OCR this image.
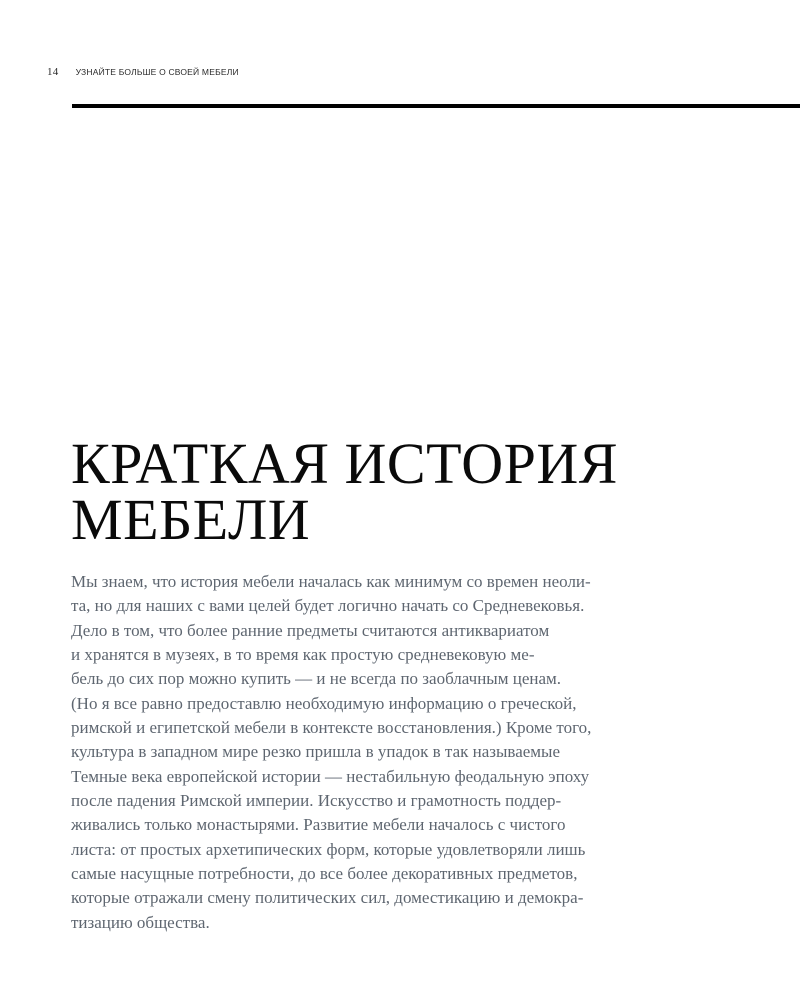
14 УЗНАЙТЕ БОЛЬШЕ О СВОЕЙ МЕБЕЛИ
КРАТКАЯ ИСТОРИЯ
МЕБЕЛИ

Мы знаем, что история мебели началась как минимум со времен неоли-
та, но для наших с вами целей будет логично начать со Средневековья.
Дело в том, что более ранние предметы считаются антиквариатом
и хранятся в музеях, в то время как простую средневековую ме-
бель до сих пор можно купить — и не всегда по заоблачным ценам.
(Но я все равно предоставлю необходимую информацию о греческой,
римской и египетской мебели в контексте восстановления.) Кроме того,
культура в западном мире резко пришла в упадок в так называемые
Темные века европейской истории — нестабильную феодальную эпоху
после падения Римской империи. Искусство и грамотность поддер-
живались только монастырями. Развитие мебели началось с чистого
листа: от простых архетипических форм, которые удовлетворяли лишь
самые насущные потребности, до все более декоративных предметов,
которые отражали смену политических сил, доместикацию и демокра-
тизацию общества.
